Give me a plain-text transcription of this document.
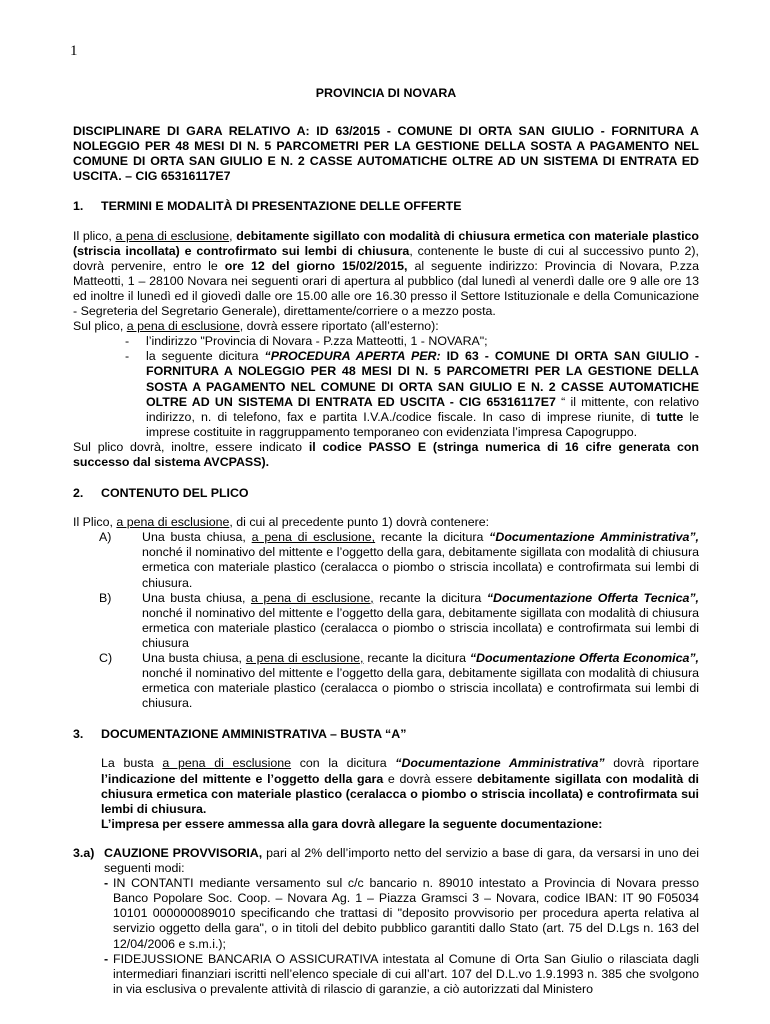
1

PROVINCIA DI NOVARA

DISCIPLINARE DI GARA RELATIVO A: ID 63/2015 - COMUNE DI ORTA SAN GIULIO - FORNITURA A NOLEGGIO PER 48 MESI DI N. 5 PARCOMETRI PER LA GESTIONE DELLA SOSTA A PAGAMENTO NEL COMUNE DI ORTA SAN GIULIO E N. 2 CASSE AUTOMATICHE OLTRE AD UN SISTEMA DI ENTRATA ED USCITA. – CIG 65316117E7

1.	TERMINI E MODALITÀ DI PRESENTAZIONE DELLE OFFERTE

Il plico, a pena di esclusione, debitamente sigillato con modalità di chiusura ermetica con materiale plastico (striscia incollata) e controfirmato sui lembi di chiusura, contenente le buste di cui al successivo punto 2), dovrà pervenire, entro le ore 12 del giorno 15/02/2015, al seguente indirizzo: Provincia di Novara, P.zza Matteotti, 1 – 28100 Novara nei seguenti orari di apertura al pubblico (dal lunedì al venerdì dalle ore 9 alle ore 13 ed inoltre il lunedì ed il giovedì dalle ore 15.00 alle ore 16.30 presso il Settore Istituzionale e della Comunicazione - Segreteria del Segretario Generale), direttamente/corriere o a mezzo posta.

Sul plico, a pena di esclusione, dovrà essere riportato (all’esterno):

-	l’indirizzo "Provincia di Novara - P.zza Matteotti, 1 - NOVARA";
-	la seguente dicitura “PROCEDURA APERTA PER: ID 63 - COMUNE DI ORTA SAN GIULIO - FORNITURA A NOLEGGIO PER 48 MESI DI N. 5 PARCOMETRI PER LA GESTIONE DELLA SOSTA A PAGAMENTO NEL COMUNE DI ORTA SAN GIULIO E N. 2 CASSE AUTOMATICHE OLTRE AD UN SISTEMA DI ENTRATA ED USCITA - CIG 65316117E7 “ il mittente, con relativo indirizzo, n. di telefono, fax e partita I.V.A./codice fiscale. In caso di imprese riunite, di tutte le imprese costituite in raggruppamento temporaneo con evidenziata l’impresa Capogruppo.

Sul plico dovrà, inoltre, essere indicato il codice PASSO E (stringa numerica di 16 cifre generata con successo dal sistema AVCPASS).

2.	CONTENUTO DEL PLICO

Il Plico, a pena di esclusione, di cui al precedente punto 1) dovrà contenere:

A)	Una busta chiusa, a pena di esclusione, recante la dicitura “Documentazione Amministrativa”, nonché il nominativo del mittente e l’oggetto della gara, debitamente sigillata con modalità di chiusura ermetica con materiale plastico (ceralacca o piombo o striscia incollata) e controfirmata sui lembi di chiusura.
B)	Una busta chiusa, a pena di esclusione, recante la dicitura “Documentazione Offerta Tecnica”, nonché il nominativo del mittente e l’oggetto della gara, debitamente sigillata con modalità di chiusura ermetica con materiale plastico (ceralacca o piombo o striscia incollata) e controfirmata sui lembi di chiusura
C)	Una busta chiusa, a pena di esclusione, recante la dicitura “Documentazione Offerta Economica”, nonché il nominativo del mittente e l’oggetto della gara, debitamente sigillata con modalità di chiusura ermetica con materiale plastico (ceralacca o piombo o striscia incollata) e controfirmata sui lembi di chiusura.
3.	DOCUMENTAZIONE AMMINISTRATIVA – BUSTA “A”

La busta a pena di esclusione con la dicitura “Documentazione Amministrativa” dovrà riportare l’indicazione del mittente e l’oggetto della gara e dovrà essere debitamente sigillata con modalità di chiusura ermetica con materiale plastico (ceralacca o piombo o striscia incollata) e controfirmata sui lembi di chiusura.

L’impresa per essere ammessa alla gara dovrà allegare la seguente documentazione:

3.a) CAUZIONE PROVVISORIA, pari al 2% dell’importo netto del servizio a base di gara, da versarsi in uno dei seguenti modi:

- IN CONTANTI mediante versamento sul c/c bancario n. 89010 intestato a Provincia di Novara presso Banco Popolare Soc. Coop. – Novara Ag. 1 – Piazza Gramsci 3 – Novara, codice IBAN: IT 90 F05034 10101 000000089010 specificando che trattasi di "deposito provvisorio per procedura aperta relativa al servizio oggetto della gara", o in titoli del debito pubblico garantiti dallo Stato (art. 75 del D.Lgs n. 163 del 12/04/2006 e s.m.i.);
- FIDEJUSSIONE BANCARIA O ASSICURATIVA intestata al Comune di Orta San Giulio o rilasciata dagli intermediari finanziari iscritti nell’elenco speciale di cui all’art. 107 del D.L.vo 1.9.1993 n. 385 che svolgono in via esclusiva o prevalente attività di rilascio di garanzie, a ciò autorizzati dal Ministero
